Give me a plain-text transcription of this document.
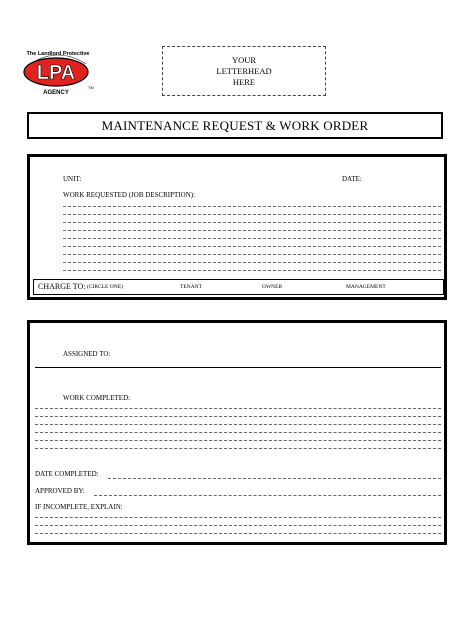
The Landlord Protective
LPA
AGENCY
TM
YOUR
LETTERHEAD
HERE
MAINTENANCE REQUEST & WORK ORDER
UNIT:	DATE:
WORK REQUESTED (JOB DESCRIPTION):
CHARGE TO: (CIRCLE ONE)	TENANT	OWNER	MANAGEMENT
ASSIGNED TO:
WORK COMPLETED:
DATE COMPLETED:
APPROVED BY:
IF INCOMPLETE, EXPLAIN:
